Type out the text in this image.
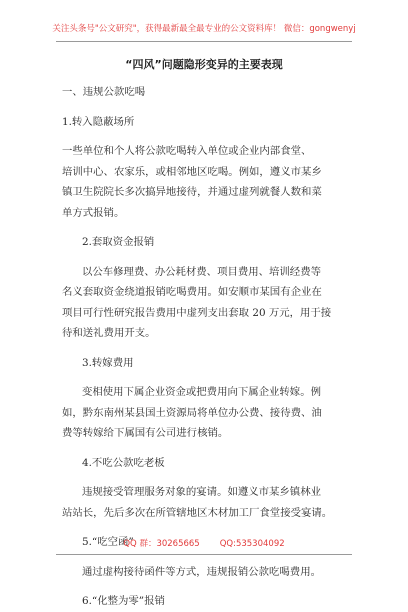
关注头条号"公文研究"，获得最新最全最专业的公文资料库！ 微信：gongwenyj
“四风”问题隐形变异的主要表现
一、违规公款吃喝
1.转入隐蔽场所
一些单位和个人将公款吃喝转入单位或企业内部食堂、
培训中心、农家乐，或相邻地区吃喝。例如，遵义市某乡
镇卫生院院长多次搞异地接待，并通过虚列就餐人数和菜
单方式报销。
2.套取资金报销
以公车修理费、办公耗材费、项目费用、培训经费等
名义套取资金绕道报销吃喝费用。如安顺市某国有企业在
项目可行性研究报告费用中虚列支出套取 20 万元，用于接
待和送礼费用开支。
3.转嫁费用
变相使用下属企业资金或把费用向下属企业转嫁。例
如，黔东南州某县国土资源局将单位办公费、接待费、油
费等转嫁给下属国有公司进行核销。
4.不吃公款吃老板
违规接受管理服务对象的宴请。如遵义市某乡镇林业
站站长，先后多次在所管辖地区木材加工厂食堂接受宴请。
5.“吃空函”
通过虚构接待函件等方式，违规报销公款吃喝费用。
6.“化整为零”报销
QQ 群：30265665 QQ:535304092
